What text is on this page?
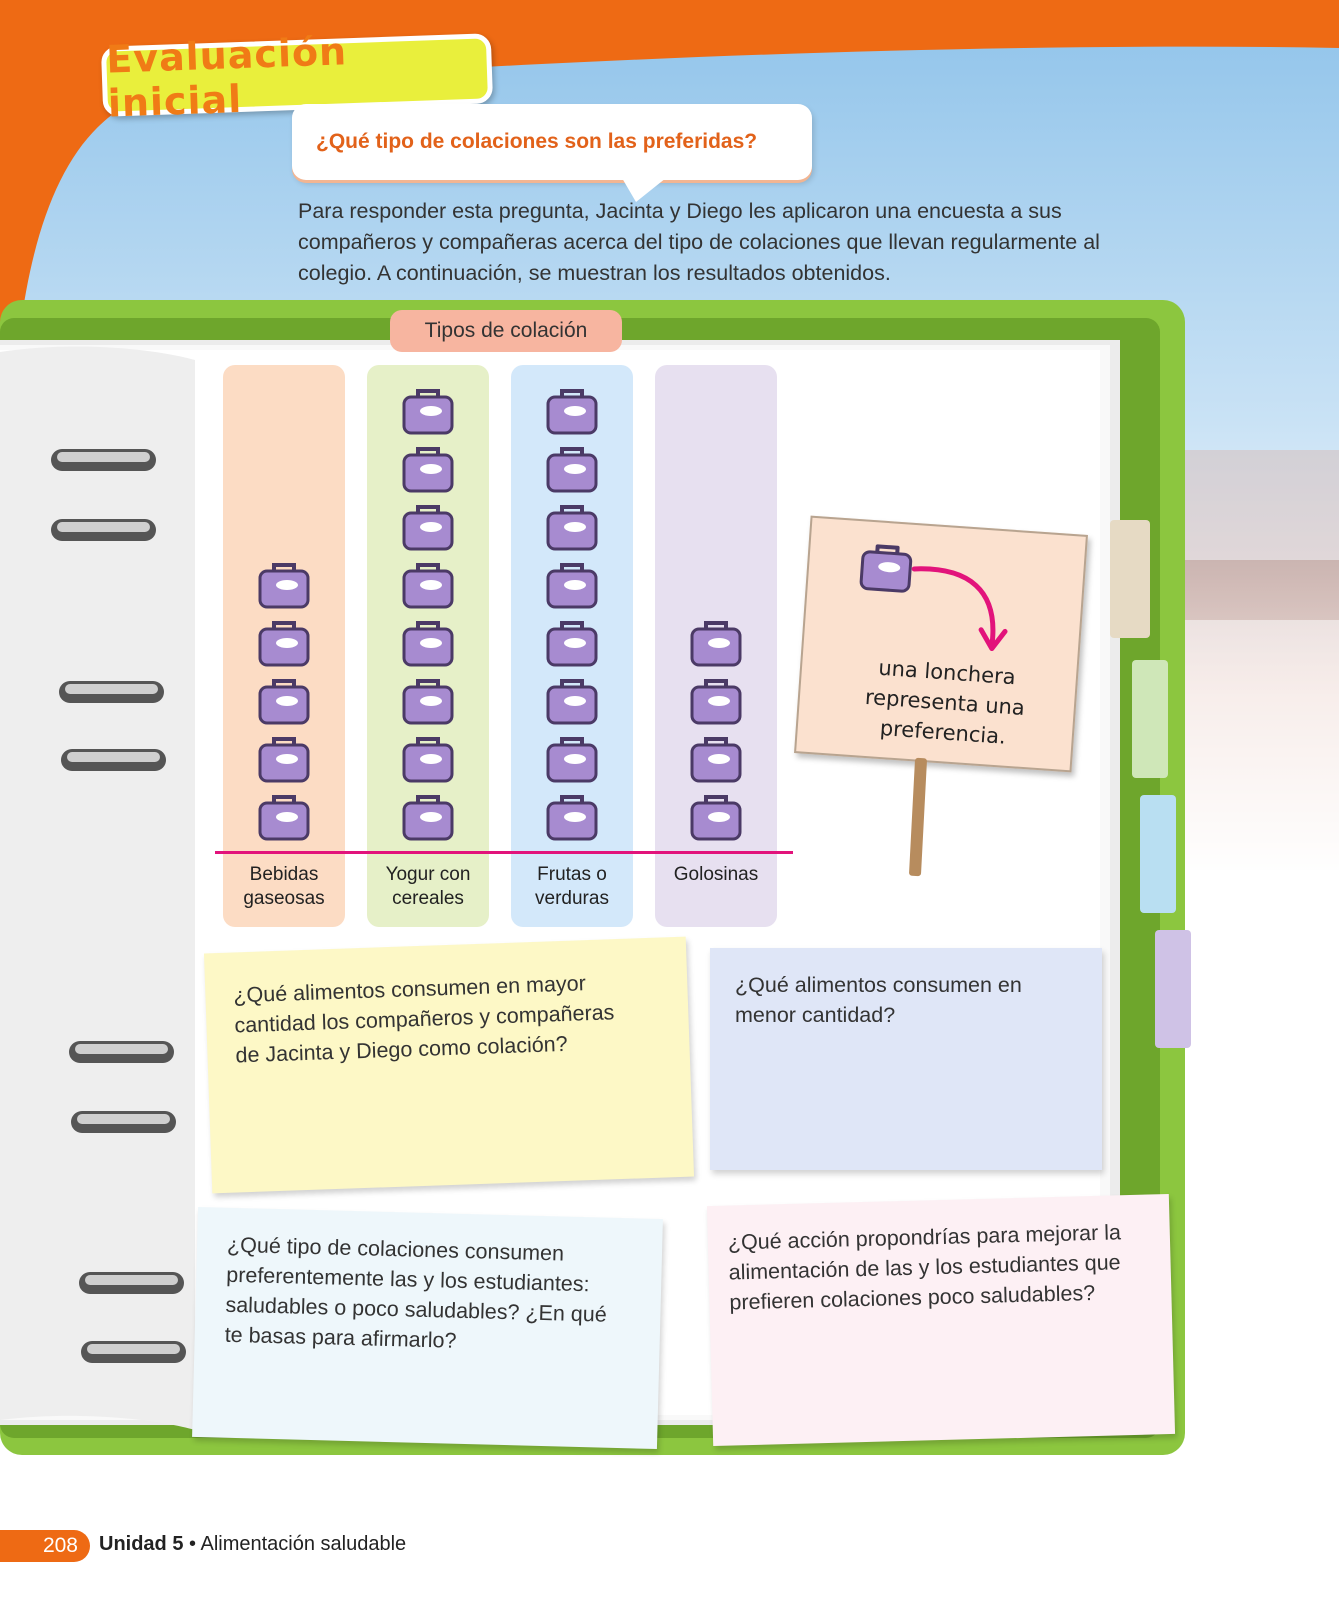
Evaluación inicial
¿Qué tipo de colaciones son las preferidas?

Para responder esta pregunta, Jacinta y Diego les aplicaron una encuesta a sus compañeros y compañeras acerca del tipo de colaciones que llevan regularmente al colegio. A continuación, se muestran los resultados obtenidos.

Tipos de colación
Bebidas
gaseosas
Yogur con
cereales
Frutas o
verduras
Golosinas
una lonchera
representa una
preferencia.

¿Qué alimentos consumen en mayor cantidad los compañeros y compañeras de Jacinta y Diego como colación?

¿Qué alimentos consumen en menor cantidad?

¿Qué tipo de colaciones consumen preferentemente las y los estudiantes: saludables o poco saludables? ¿En qué te basas para afirmarlo?

¿Qué acción propondrías para mejorar la alimentación de las y los estudiantes que prefieren colaciones poco saludables?

208	Unidad 5 • Alimentación saludable
